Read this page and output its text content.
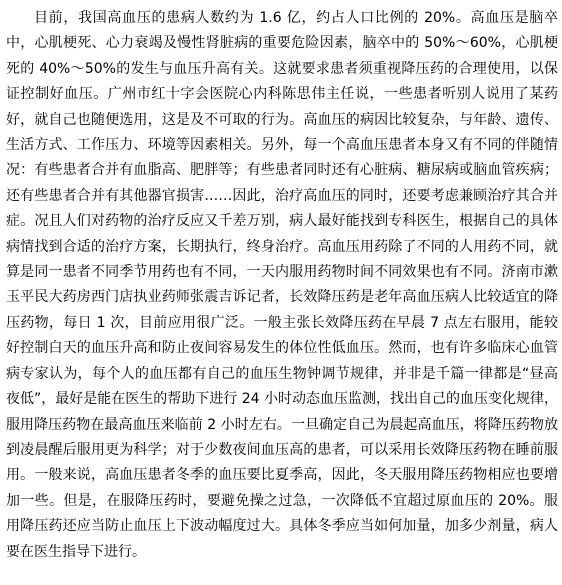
目前，我国高血压的患病人数约为 1.6 亿，约占人口比例的 20%。高血压是脑卒中，心肌梗死、心力衰竭及慢性肾脏病的重要危险因素，脑卒中的 50%～60%，心肌梗死的 40%～50%的发生与血压升高有关。这就要求患者须重视降压药的合理使用，以保证控制好血压。广州市红十字会医院心内科陈思伟主任说，一些患者听别人说用了某药好，就自己也随便选用，这是及不可取的行为。高血压的病因比较复杂，与年龄、遗传、生活方式、工作压力、环境等因素相关。另外，每一个高血压患者本身又有不同的伴随情况：有些患者合并有血脂高、肥胖等；有些患者同时还有心脏病、糖尿病或脑血管疾病；还有些患者合并有其他器官损害……因此，治疗高血压的同时，还要考虑兼顾治疗其合并症。况且人们对药物的治疗反应又千差万别，病人最好能找到专科医生，根据自己的具体病情找到合适的治疗方案，长期执行，终身治疗。高血压用药除了不同的人用药不同，就算是同一患者不同季节用药也有不同，一天内服用药物时间不同效果也有不同。济南市漱玉平民大药房西门店执业药师张震吉诉记者，长效降压药是老年高血压病人比较适宜的降压药物，每日 1 次，目前应用很广泛。一般主张长效降压药在早晨 7 点左右服用，能较好控制白天的血压升高和防止夜间容易发生的体位性低血压。然而，也有许多临床心血管病专家认为，每个人的血压都有自己的血压生物钟调节规律，并非是千篇一律都是“昼高夜低”，最好是能在医生的帮助下进行 24 小时动态血压监测，找出自己的血压变化规律，服用降压药物在最高血压来临前 2 小时左右。一旦确定自己为晨起高血压，将降压药物放到凌晨醒后服用更为科学；对于少数夜间血压高的患者，可以采用长效降压药物在睡前服用。一般来说，高血压患者冬季的血压要比夏季高，因此，冬天服用降压药物相应也要增加一些。但是，在服降压药时，要避免操之过急，一次降低不宜超过原血压的 20%。服用降压药还应当防止血压上下波动幅度过大。具体冬季应当如何加量，加多少剂量，病人要在医生指导下进行。
